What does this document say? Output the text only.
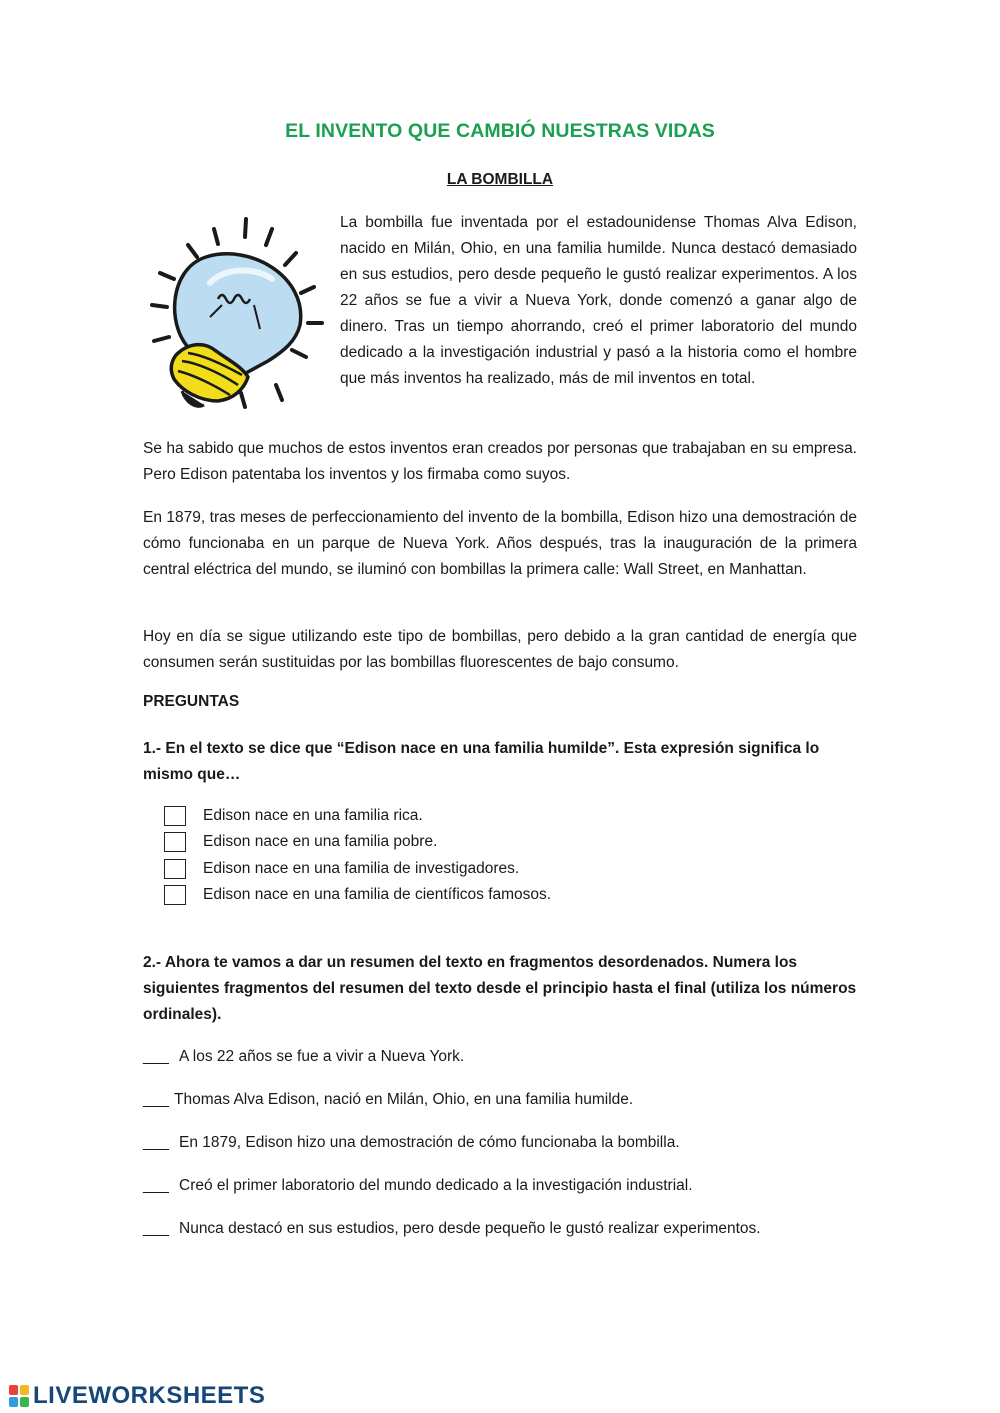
EL INVENTO QUE CAMBIÓ NUESTRAS VIDAS
LA BOMBILLA
La bombilla fue inventada por el estadounidense Thomas Alva Edison, nacido en Milán, Ohio, en una familia humilde. Nunca destacó demasiado en sus estudios, pero desde pequeño le gustó realizar experimentos. A los 22 años se fue a vivir a Nueva York, donde comenzó a ganar algo de dinero. Tras un tiempo ahorrando, creó el primer laboratorio del mundo dedicado a la investigación industrial y pasó a la historia como el hombre que más inventos ha realizado, más de mil inventos en total.
Se ha sabido que muchos de estos inventos eran creados por personas que trabajaban en su empresa. Pero Edison patentaba los inventos y los firmaba como suyos.
En 1879, tras meses de perfeccionamiento del invento de la bombilla, Edison hizo una demostración de cómo funcionaba en un parque de Nueva York. Años después, tras la inauguración de la primera central eléctrica del mundo, se iluminó con bombillas la primera calle: Wall Street, en Manhattan.
Hoy en día se sigue utilizando este tipo de bombillas, pero debido a la gran cantidad de energía que consumen serán sustituidas por las bombillas fluorescentes de bajo consumo.
PREGUNTAS
1.- En el texto se dice que “Edison nace en una familia humilde”. Esta expresión significa lo mismo que…
Edison nace en una familia rica.
Edison nace en una familia pobre.
Edison nace en una familia de investigadores.
Edison nace en una familia de científicos famosos.
2.- Ahora te vamos a dar un resumen del texto en fragmentos desordenados. Numera los siguientes fragmentos del resumen del texto desde el principio hasta el final (utiliza los números ordinales).
___ A los 22 años se fue a vivir a Nueva York.
___ Thomas Alva Edison, nació en Milán, Ohio, en una familia humilde.
___ En 1879, Edison hizo una demostración de cómo funcionaba la bombilla.
___ Creó el primer laboratorio del mundo dedicado a la investigación industrial.
___ Nunca destacó en sus estudios, pero desde pequeño le gustó realizar experimentos.
LIVEWORKSHEETS
